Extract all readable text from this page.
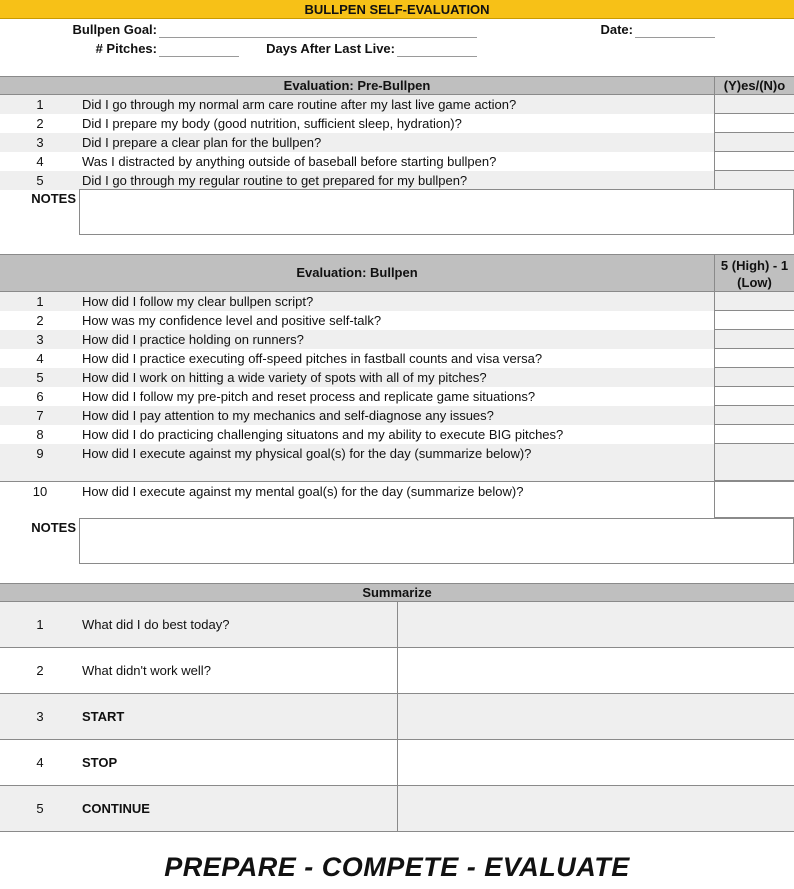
BULLPEN SELF-EVALUATION
Bullpen Goal:	Date:
# Pitches:	Days After Last Live:
Evaluation: Pre-Bullpen	(Y)es/(N)o
1	Did I go through my normal arm care routine after my last live game action?
2	Did I prepare my body (good nutrition, sufficient sleep, hydration)?
3	Did I prepare a clear plan for the bullpen?
4	Was I distracted by anything outside of baseball before starting bullpen?
5	Did I go through my regular routine to get prepared for my bullpen?
NOTES
Evaluation: Bullpen	5 (High) - 1
(Low)
1	How did I follow my clear bullpen script?
2	How was my confidence level and positive self-talk?
3	How did I practice holding on runners?
4	How did I practice executing off-speed pitches in fastball counts and visa versa?
5	How did I work on hitting a wide variety of spots with all of my pitches?
6	How did I follow my pre-pitch and reset process and replicate game situations?
7	How did I pay attention to my mechanics and self-diagnose any issues?
8	How did I do practicing challenging situatons and my ability to execute BIG pitches?
9	How did I execute against my physical goal(s) for the day (summarize below)?
10	How did I execute against my mental goal(s) for the day (summarize below)?
NOTES
Summarize
1	What did I do best today?
2	What didn't work well?
3	START
4	STOP
5	CONTINUE
PREPARE - COMPETE - EVALUATE
